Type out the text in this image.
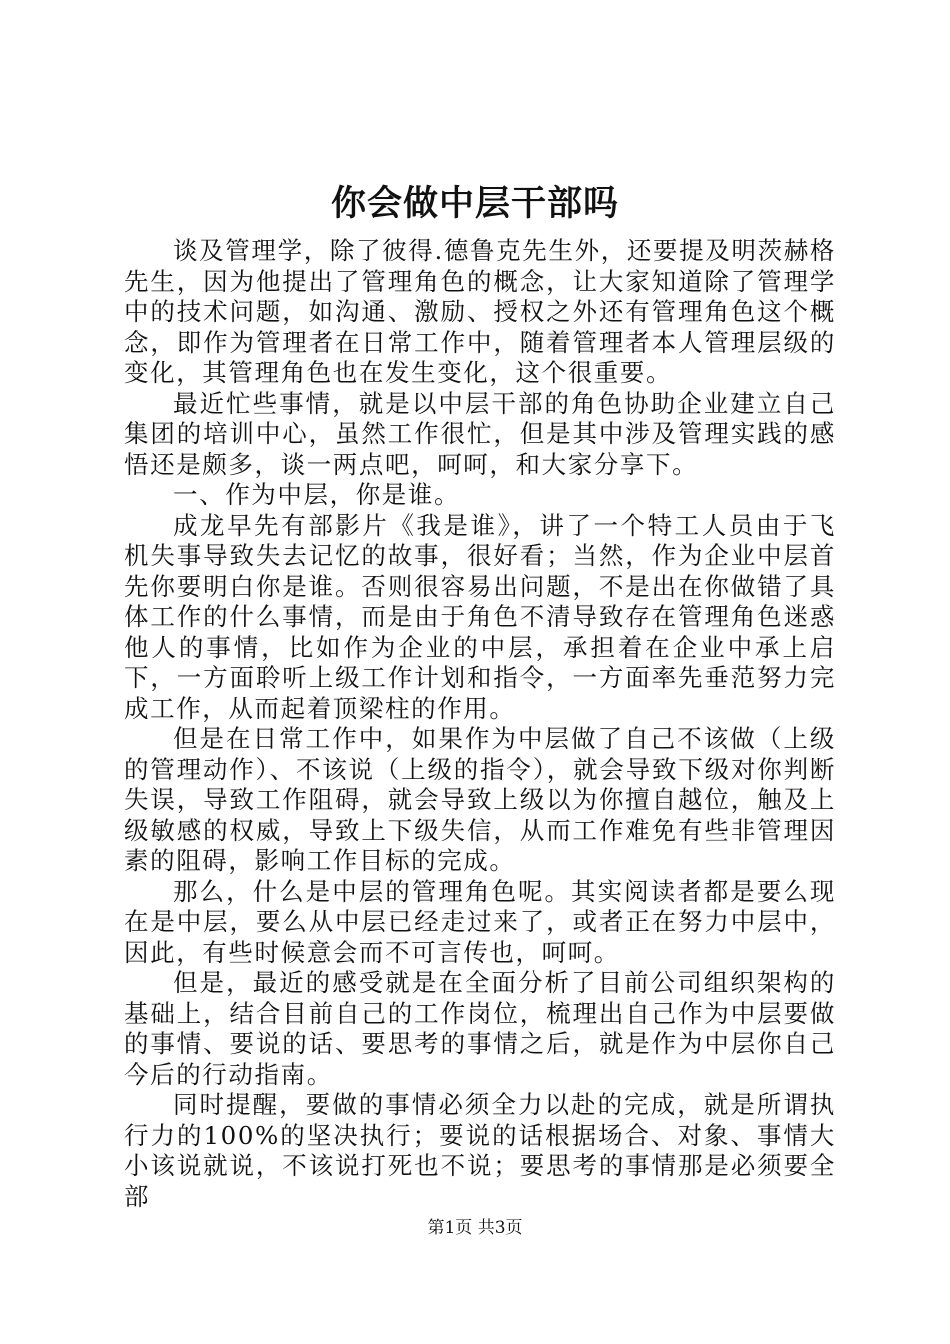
你会做中层干部吗

谈及管理学，除了彼得.德鲁克先生外，还要提及明茨赫格先生，因为他提出了管理角色的概念，让大家知道除了管理学中的技术问题，如沟通、激励、授权之外还有管理角色这个概念，即作为管理者在日常工作中，随着管理者本人管理层级的变化，其管理角色也在发生变化，这个很重要。

最近忙些事情，就是以中层干部的角色协助企业建立自己集团的培训中心，虽然工作很忙，但是其中涉及管理实践的感悟还是颇多，谈一两点吧，呵呵，和大家分享下。

一、作为中层，你是谁。

成龙早先有部影片《我是谁》，讲了一个特工人员由于飞机失事导致失去记忆的故事，很好看；当然，作为企业中层首先你要明白你是谁。否则很容易出问题，不是出在你做错了具体工作的什么事情，而是由于角色不清导致存在管理角色迷惑他人的事情，比如作为企业的中层，承担着在企业中承上启下，一方面聆听上级工作计划和指令，一方面率先垂范努力完成工作，从而起着顶梁柱的作用。

但是在日常工作中，如果作为中层做了自己不该做（上级的管理动作）、不该说（上级的指令），就会导致下级对你判断失误，导致工作阻碍，就会导致上级以为你擅自越位，触及上级敏感的权威，导致上下级失信，从而工作难免有些非管理因素的阻碍，影响工作目标的完成。

那么，什么是中层的管理角色呢。其实阅读者都是要么现在是中层，要么从中层已经走过来了，或者正在努力中层中，因此，有些时候意会而不可言传也，呵呵。

但是，最近的感受就是在全面分析了目前公司组织架构的基础上，结合目前自己的工作岗位，梳理出自己作为中层要做的事情、要说的话、要思考的事情之后，就是作为中层你自己今后的行动指南。

同时提醒，要做的事情必须全力以赴的完成，就是所谓执行力的100%的坚决执行；要说的话根据场合、对象、事情大小该说就说，不该说打死也不说；要思考的事情那是必须要全部

第1页 共3页
